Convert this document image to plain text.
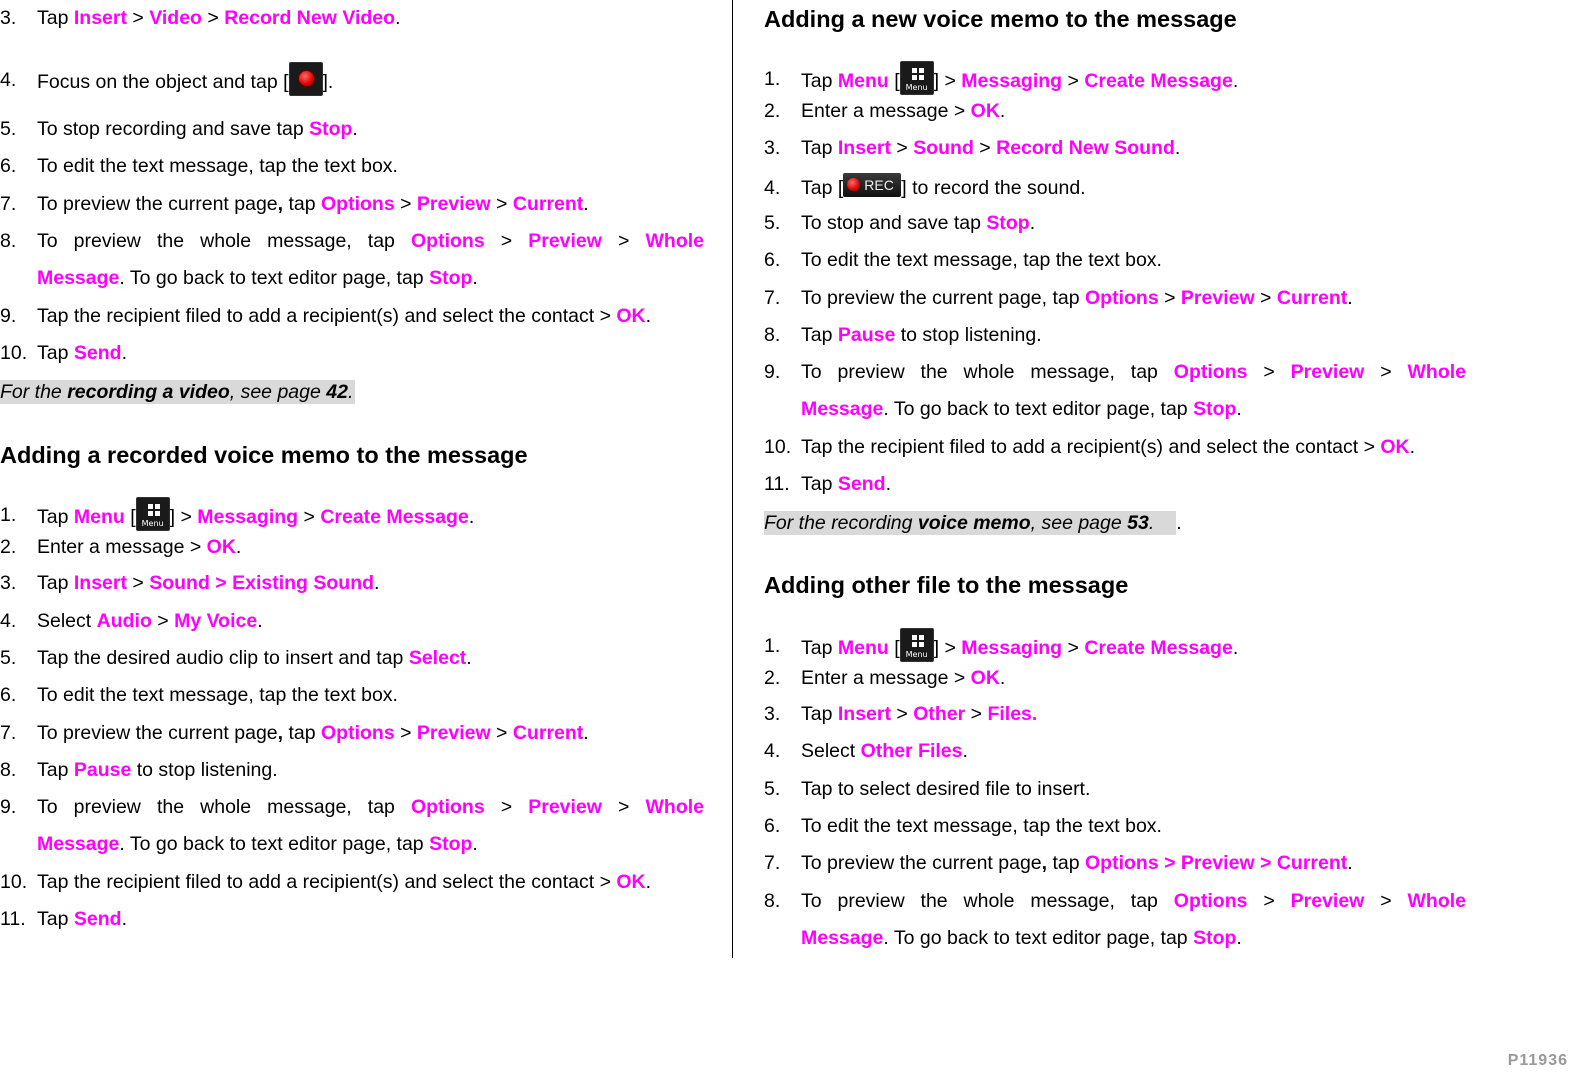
3. Tap Insert > Video > Record New Video.
4. Focus on the object and tap [ ].
5. To stop recording and save tap Stop.
6. To edit the text message, tap the text box.
7. To preview the current page, tap Options > Preview > Current.
8. To preview the whole message, tap Options > Preview > Whole
Message. To go back to text editor page, tap Stop.
9. Tap the recipient filed to add a recipient(s) and select the contact > OK.
10. Tap Send.
For the recording a video, see page 42.
Adding a recorded voice memo to the message
1. Tap Menu [ Menu ] > Messaging > Create Message.
2. Enter a message > OK.
3. Tap Insert > Sound > Existing Sound.
4. Select Audio > My Voice.
5. Tap the desired audio clip to insert and tap Select.
6. To edit the text message, tap the text box.
7. To preview the current page, tap Options > Preview > Current.
8. Tap Pause to stop listening.
9. To preview the whole message, tap Options > Preview > Whole
Message. To go back to text editor page, tap Stop.
10. Tap the recipient filed to add a recipient(s) and select the contact > OK.
11. Tap Send.
Adding a new voice memo to the message
1. Tap Menu [ Menu ] > Messaging > Create Message.
2. Enter a message > OK.
3. Tap Insert > Sound > Record New Sound.
4. Tap [ REC ] to record the sound.
5. To stop and save tap Stop.
6. To edit the text message, tap the text box.
7. To preview the current page, tap Options > Preview > Current.
8. Tap Pause to stop listening.
9. To preview the whole message, tap Options > Preview > Whole
Message. To go back to text editor page, tap Stop.
10. Tap the recipient filed to add a recipient(s) and select the contact > OK.
11. Tap Send.
For the recording voice memo, see page 53. .
Adding other file to the message
1. Tap Menu [ Menu ] > Messaging > Create Message.
2. Enter a message > OK.
3. Tap Insert > Other > Files.
4. Select Other Files.
5. Tap to select desired file to insert.
6. To edit the text message, tap the text box.
7. To preview the current page, tap Options > Preview > Current.
8. To preview the whole message, tap Options > Preview > Whole
Message. To go back to text editor page, tap Stop.
P11936
